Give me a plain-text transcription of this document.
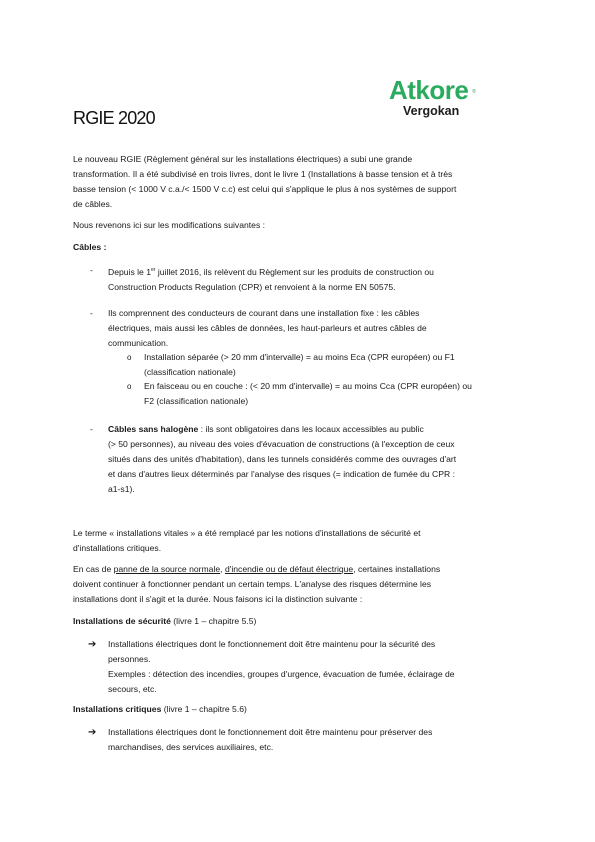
Atkore ®
Vergokan
RGIE 2020
Le nouveau RGIE (Règlement général sur les installations électriques) a subi une grande
transformation. Il a été subdivisé en trois livres, dont le livre 1 (Installations à basse tension et à très
basse tension (< 1000 V c.a./< 1500 V c.c) est celui qui s'applique le plus à nos systèmes de support
de câbles.
Nous revenons ici sur les modifications suivantes :
Câbles :
- Depuis le 1er juillet 2016, ils relèvent du Règlement sur les produits de construction ou
Construction Products Regulation (CPR) et renvoient à la norme EN 50575.
- Ils comprennent des conducteurs de courant dans une installation fixe : les câbles
électriques, mais aussi les câbles de données, les haut-parleurs et autres câbles de
communication.
o Installation séparée (> 20 mm d'intervalle) = au moins Eca (CPR européen) ou F1
(classification nationale)
o En faisceau ou en couche : (< 20 mm d'intervalle) = au moins Cca (CPR européen) ou
F2 (classification nationale)
- Câbles sans halogène : ils sont obligatoires dans les locaux accessibles au public
(> 50 personnes), au niveau des voies d'évacuation de constructions (à l'exception de ceux
situés dans des unités d'habitation), dans les tunnels considérés comme des ouvrages d'art
et dans d'autres lieux déterminés par l'analyse des risques (= indication de fumée du CPR :
a1-s1).
Le terme « installations vitales » a été remplacé par les notions d'installations de sécurité et
d'installations critiques.
En cas de panne de la source normale, d'incendie ou de défaut électrique, certaines installations
doivent continuer à fonctionner pendant un certain temps. L'analyse des risques détermine les
installations dont il s'agit et la durée. Nous faisons ici la distinction suivante :
Installations de sécurité (livre 1 – chapitre 5.5)
➔ Installations électriques dont le fonctionnement doit être maintenu pour la sécurité des
personnes.
Exemples : détection des incendies, groupes d'urgence, évacuation de fumée, éclairage de
secours, etc.
Installations critiques (livre 1 – chapitre 5.6)
➔ Installations électriques dont le fonctionnement doit être maintenu pour préserver des
marchandises, des services auxiliaires, etc.
